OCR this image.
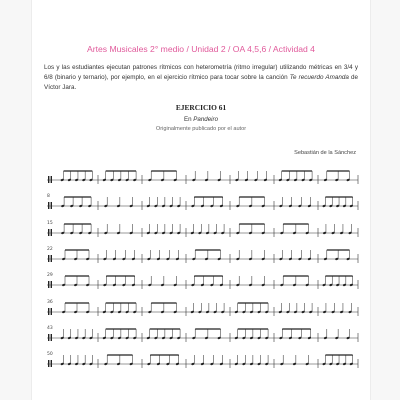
Artes Musicales 2° medio / Unidad 2 / OA 4,5,6 / Actividad 4
Los y las estudiantes ejecutan patrones rítmicos con heterometría (ritmo irregular) utilizando métricas en 3/4 y 6/8 (binario y ternario), por ejemplo, en el ejercicio rítmico para tocar sobre la canción Te recuerdo Amanda de Víctor Jara.
EJERCICIO 61
En Pandeiro
Originalmente publicado por el autor
Sebastián de la Sánchez
8
15
22
29
36
43
50
